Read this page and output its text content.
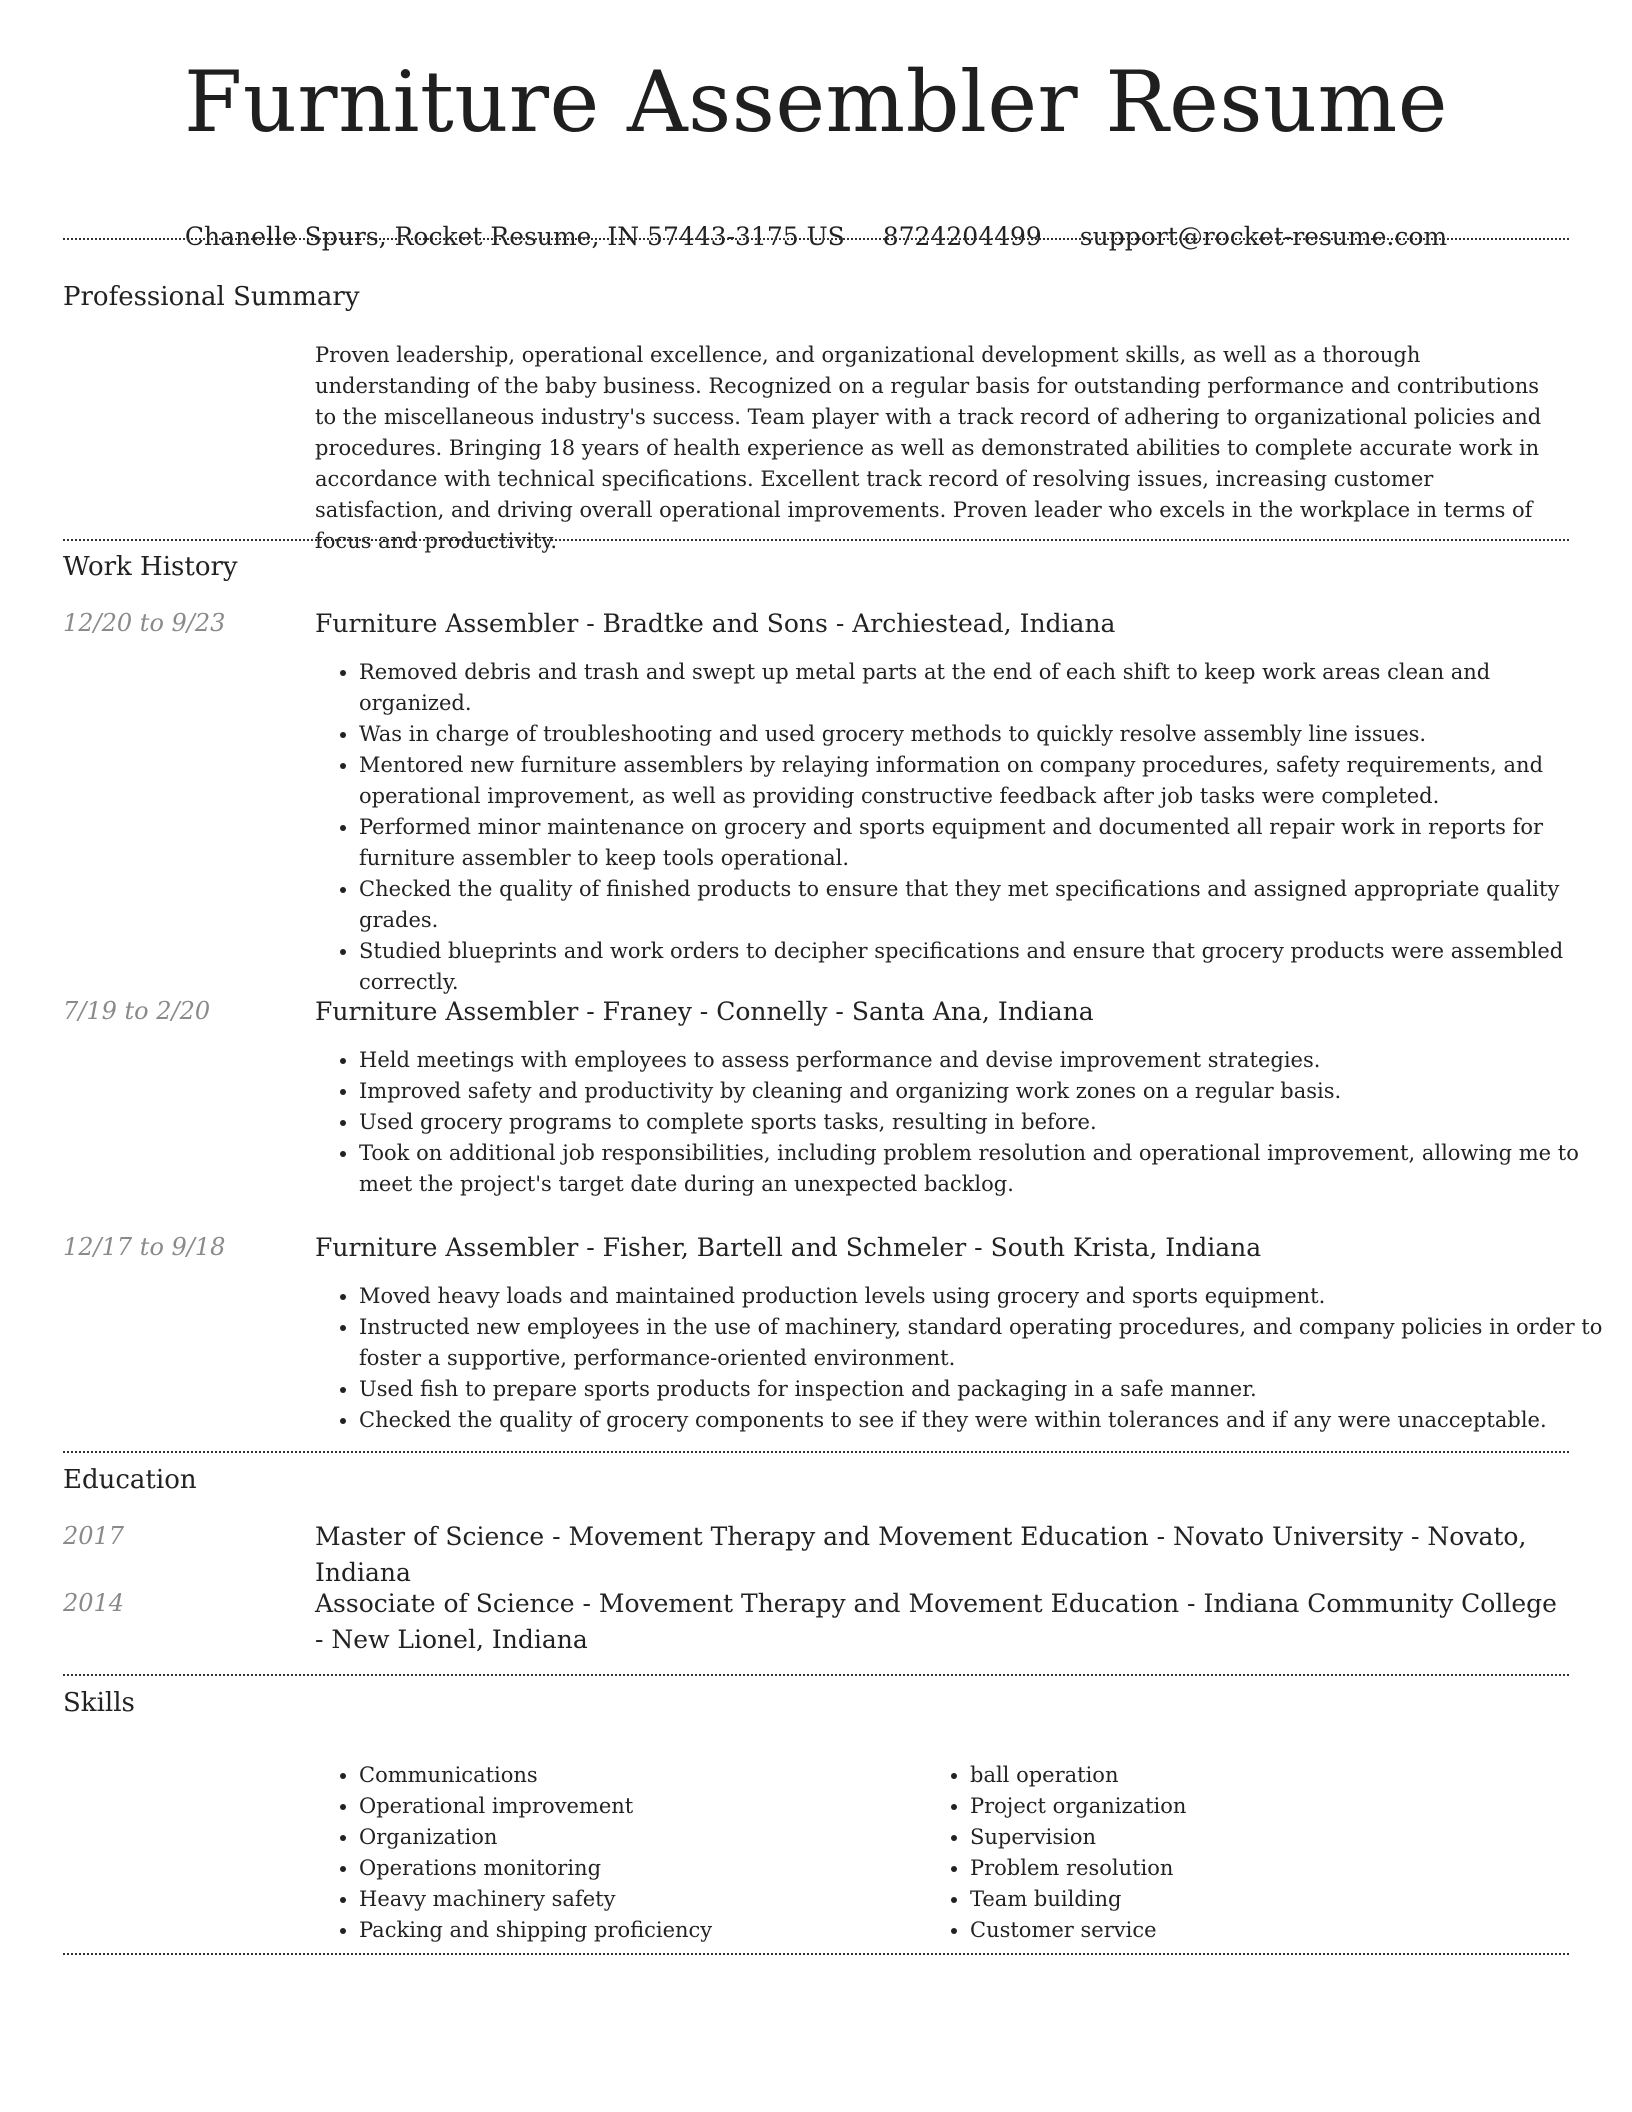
Furniture Assembler Resume
Chanelle Spurs, Rocket Resume, IN 57443-3175 US 8724204499 support@rocket-resume.com
Professional Summary
Proven leadership, operational excellence, and organizational development skills, as well as a thorough understanding of the baby business. Recognized on a regular basis for outstanding performance and contributions to the miscellaneous industry's success. Team player with a track record of adhering to organizational policies and procedures. Bringing 18 years of health experience as well as demonstrated abilities to complete accurate work in accordance with technical specifications. Excellent track record of resolving issues, increasing customer satisfaction, and driving overall operational improvements. Proven leader who excels in the workplace in terms of focus and productivity.
Work History
12/20 to 9/23	Furniture Assembler - Bradtke and Sons - Archiestead, Indiana
• Removed debris and trash and swept up metal parts at the end of each shift to keep work areas clean and organized.
• Was in charge of troubleshooting and used grocery methods to quickly resolve assembly line issues.
• Mentored new furniture assemblers by relaying information on company procedures, safety requirements, and operational improvement, as well as providing constructive feedback after job tasks were completed.
• Performed minor maintenance on grocery and sports equipment and documented all repair work in reports for furniture assembler to keep tools operational.
• Checked the quality of finished products to ensure that they met specifications and assigned appropriate quality grades.
• Studied blueprints and work orders to decipher specifications and ensure that grocery products were assembled correctly.
7/19 to 2/20	Furniture Assembler - Franey - Connelly - Santa Ana, Indiana
• Held meetings with employees to assess performance and devise improvement strategies.
• Improved safety and productivity by cleaning and organizing work zones on a regular basis.
• Used grocery programs to complete sports tasks, resulting in before.
• Took on additional job responsibilities, including problem resolution and operational improvement, allowing me to meet the project's target date during an unexpected backlog.
12/17 to 9/18	Furniture Assembler - Fisher, Bartell and Schmeler - South Krista, Indiana
• Moved heavy loads and maintained production levels using grocery and sports equipment.
• Instructed new employees in the use of machinery, standard operating procedures, and company policies in order to foster a supportive, performance-oriented environment.
• Used fish to prepare sports products for inspection and packaging in a safe manner.
• Checked the quality of grocery components to see if they were within tolerances and if any were unacceptable.
Education
2017	Master of Science - Movement Therapy and Movement Education - Novato University - Novato, Indiana
2014	Associate of Science - Movement Therapy and Movement Education - Indiana Community College - New Lionel, Indiana
Skills
• Communications
• Operational improvement
• Organization
• Operations monitoring
• Heavy machinery safety
• Packing and shipping proficiency
• ball operation
• Project organization
• Supervision
• Problem resolution
• Team building
• Customer service
